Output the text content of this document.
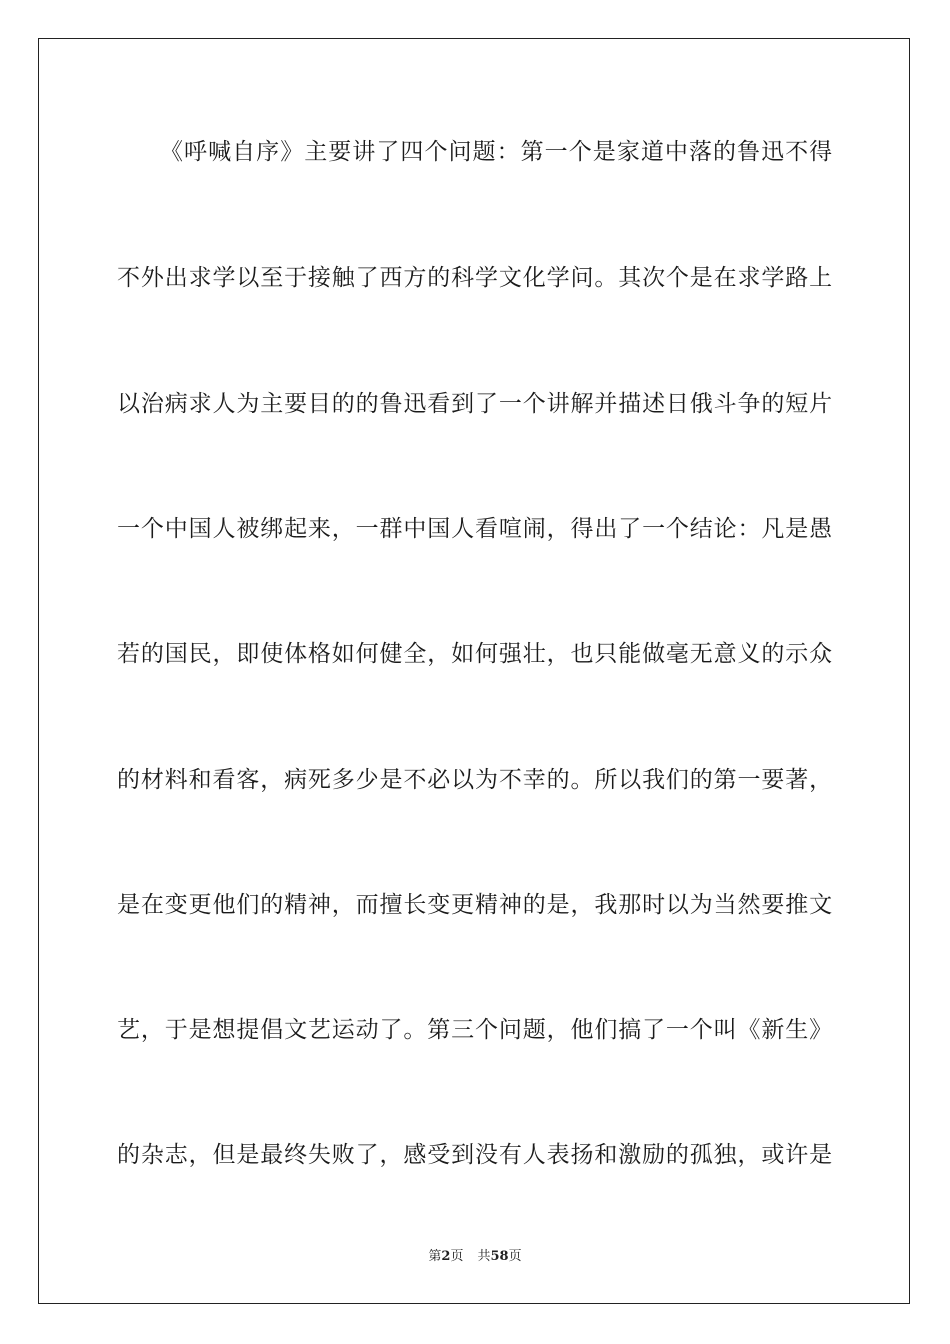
《呼喊自序》主要讲了四个问题：第一个是家道中落的鲁迅不得
不外出求学以至于接触了西方的科学文化学问。其次个是在求学路上
以治病求人为主要目的的鲁迅看到了一个讲解并描述日俄斗争的短片
一个中国人被绑起来，一群中国人看喧闹，得出了一个结论：凡是愚
若的国民，即使体格如何健全，如何强壮，也只能做毫无意义的示众
的材料和看客，病死多少是不必以为不幸的。所以我们的第一要著，
是在变更他们的精神，而擅长变更精神的是，我那时以为当然要推文
艺，于是想提倡文艺运动了。第三个问题，他们搞了一个叫《新生》
的杂志，但是最终失败了，感受到没有人表扬和激励的孤独，或许是
第2页 共58页
